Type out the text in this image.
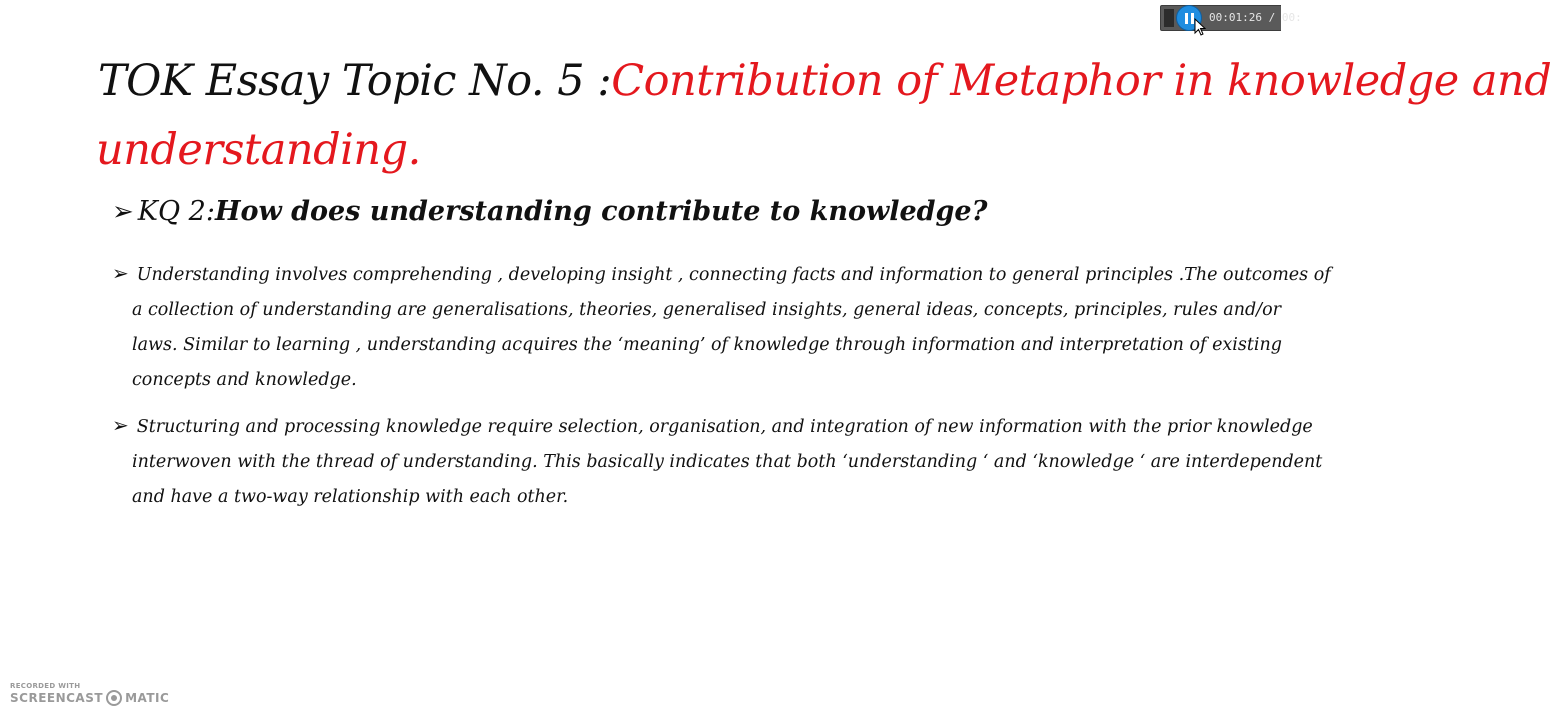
TOK Essay Topic No. 5 :Contribution of Metaphor in knowledge and
understanding.
➢ KQ 2:How does understanding contribute to knowledge?
➢ Understanding involves comprehending , developing insight , connecting facts and information to general principles .The outcomes of
a collection of understanding are generalisations, theories, generalised insights, general ideas, concepts, principles, rules and/or
laws. Similar to learning , understanding acquires the ‘meaning’ of knowledge through information and interpretation of existing
concepts and knowledge.
➢ Structuring and processing knowledge require selection, organisation, and integration of new information with the prior knowledge
interwoven with the thread of understanding. This basically indicates that both ‘understanding ‘ and ‘knowledge ‘ are interdependent
and have a two-way relationship with each other.
00:01:26 / 00:
RECORDED WITH
SCREENCAST MATIC
